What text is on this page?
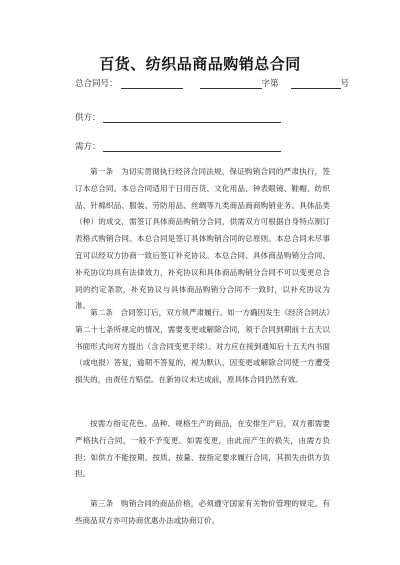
百货、纺织品商品购销总合同
总合同号：	字第	号
供方：
需方：

第一条　为切实贯彻执行经济合同法规，保证购销合同的严肃执行，签订本总合同。本总合同适用于日用百货、文化用品、钟表眼镜、鞋帽、纺织品、针棉织品、服装、劳防用品、丝绸等九类商品商商购销业务。具体品类（种）的成交，需签订具体商品购销分合同，供需双方可根据自身特点制订表格式购销合同。本总合同是签订具体购销合同的总原则。本总合同未尽事宜可以经双方协商一致后签订补充协议。本总合同、具体商品购销分合同、补充协议均具有法律效力，补充协议和具体商品购销分合同不可以变更总合同的约定条款，补充协议与具体商品购销分合同不一致时，以补充协议为准。

第二条　合同签订后，双方须严肃履行。如一方确因发生《经济合同法》第二十七条所规定的情况，需要变更或解除合同，须于合同到期前十五天以书面形式向对方提出（含合同变更手续）。对方应在接到通知后十五天内书面（或电报）答复，逾期不答复的，视为默认，因变更或解除合同使一方遭受损失的，由责任方赔偿。在新协议未达成前，原具体合同仍然有效。

按需方指定花色、品种、规格生产的商品，在安排生产后，双方都需要严格执行合同，一般不予变更。如需变更，由此而产生的损失，由需方负担；如供方不能按期、按质、按量、按指定要求履行合同，其损失由供方负担。

第三条　购销合同的商品价格，必须遵守国家有关物价管理的规定。有些商品双方亦可协商优惠办法或协商订价。
